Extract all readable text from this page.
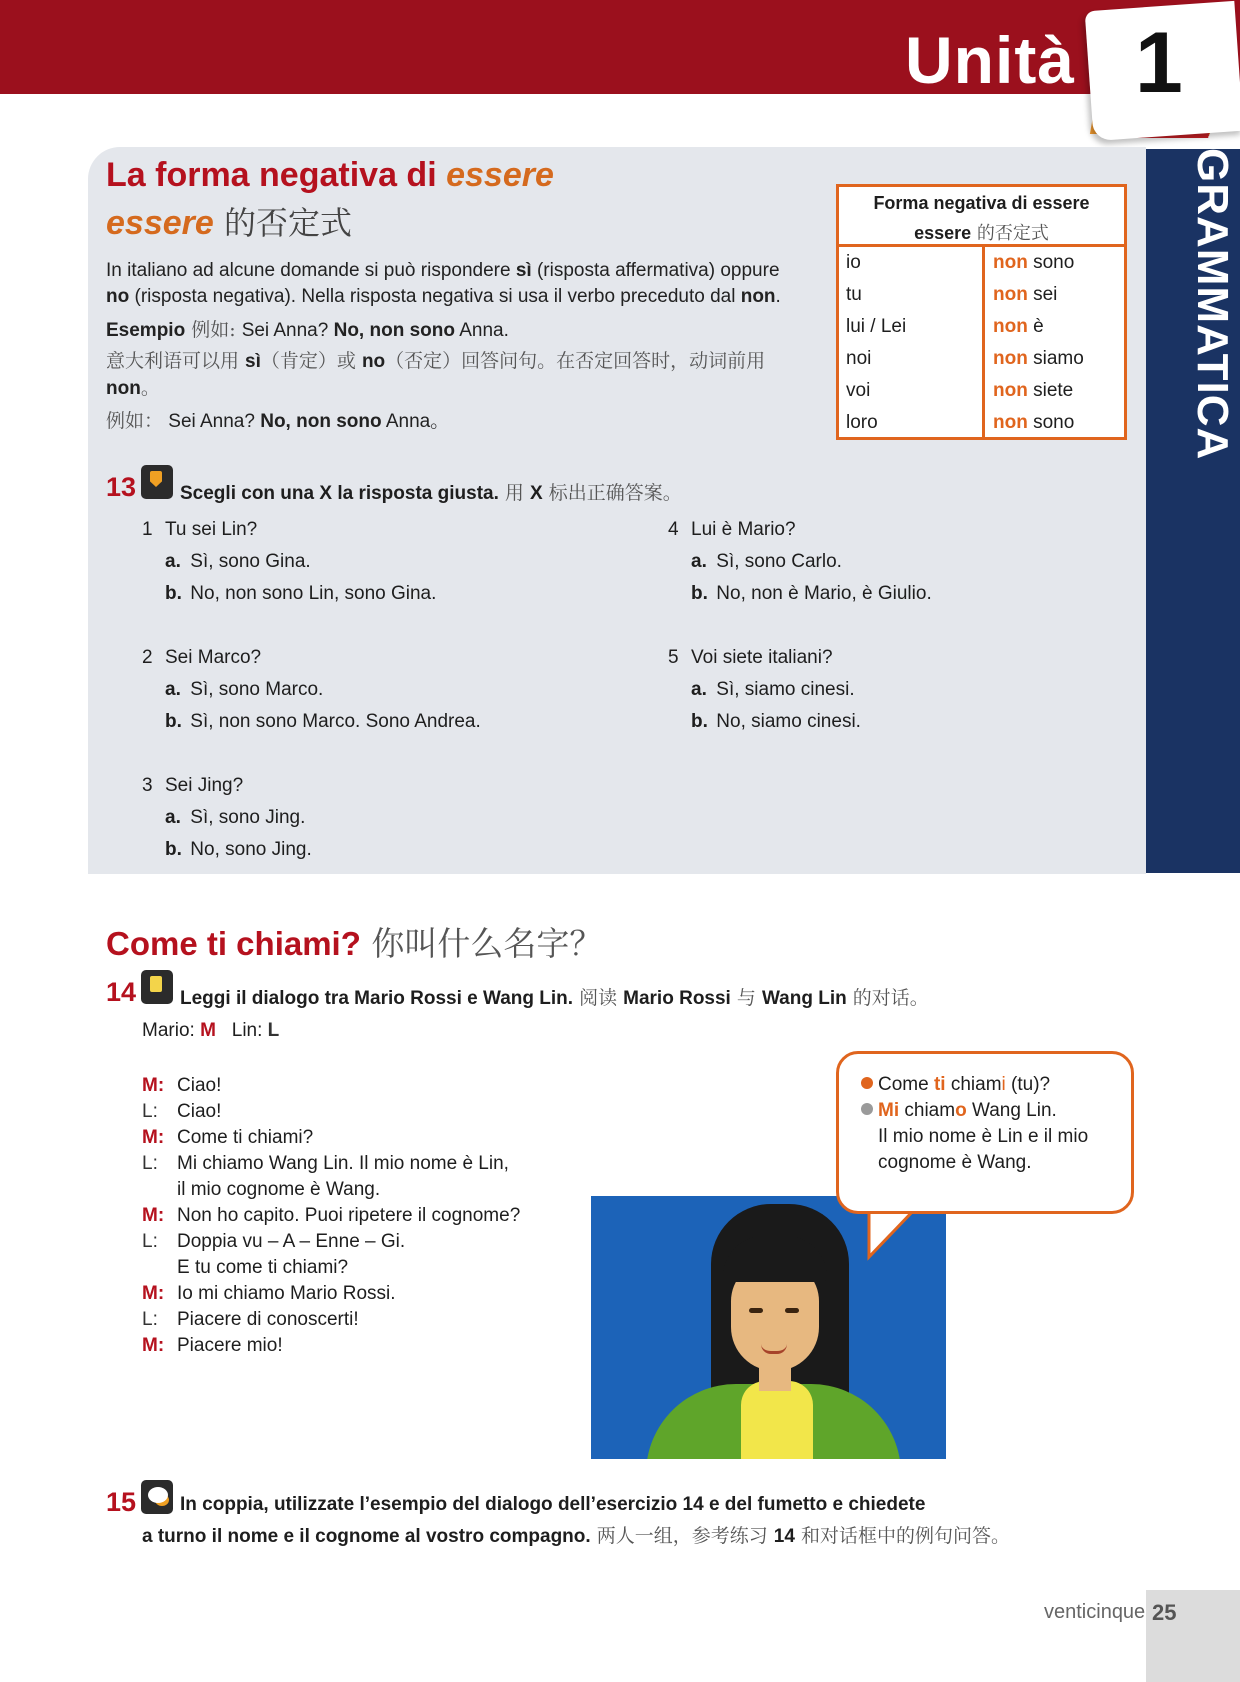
Unità 1
GRAMMATICA
La forma negativa di essere
essere 的否定式
In italiano ad alcune domande si può rispondere sì (risposta affermativa) oppure no (risposta negativa). Nella risposta negativa si usa il verbo preceduto dal non.
Esempio 例如: Sei Anna? No, non sono Anna.
意大利语可以用 sì（肯定）或 no（否定）回答问句。在否定回答时，动词前用 non。
例如： Sei Anna? No, non sono Anna。
Forma negativa di essere
essere 的否定式
io	non sono
tu	non sei
lui / Lei	non è
noi	non siamo
voi	non siete
loro	non sono
13 Scegli con una X la risposta giusta. 用 X 标出正确答案。
1 Tu sei Lin?
a. Sì, sono Gina.
b. No, non sono Lin, sono Gina.
2 Sei Marco?
a. Sì, sono Marco.
b. Sì, non sono Marco. Sono Andrea.
3 Sei Jing?
a. Sì, sono Jing.
b. No, sono Jing.
4 Lui è Mario?
a. Sì, sono Carlo.
b. No, non è Mario, è Giulio.
5 Voi siete italiani?
a. Sì, siamo cinesi.
b. No, siamo cinesi.
Come ti chiami? 你叫什么名字？
14 Leggi il dialogo tra Mario Rossi e Wang Lin. 阅读 Mario Rossi 与 Wang Lin 的对话。
Mario: M Lin: L
M: Ciao!
L:	Ciao!
M: Come ti chiami?
L:	Mi chiamo Wang Lin. Il mio nome è Lin,
il mio cognome è Wang.
M: Non ho capito. Puoi ripetere il cognome?
L:	Doppia vu – A – Enne – Gi.
E tu come ti chiami?
M: Io mi chiamo Mario Rossi.
L:	Piacere di conoscerti!
M: Piacere mio!
Come ti chiami (tu)?
Mi chiamo Wang Lin.
Il mio nome è Lin e il mio
cognome è Wang.
15 In coppia, utilizzate l’esempio del dialogo dell’esercizio 14 e del fumetto e chiedete
a turno il nome e il cognome al vostro compagno. 两人一组，参考练习 14 和对话框中的例句问答。
venticinque 25
